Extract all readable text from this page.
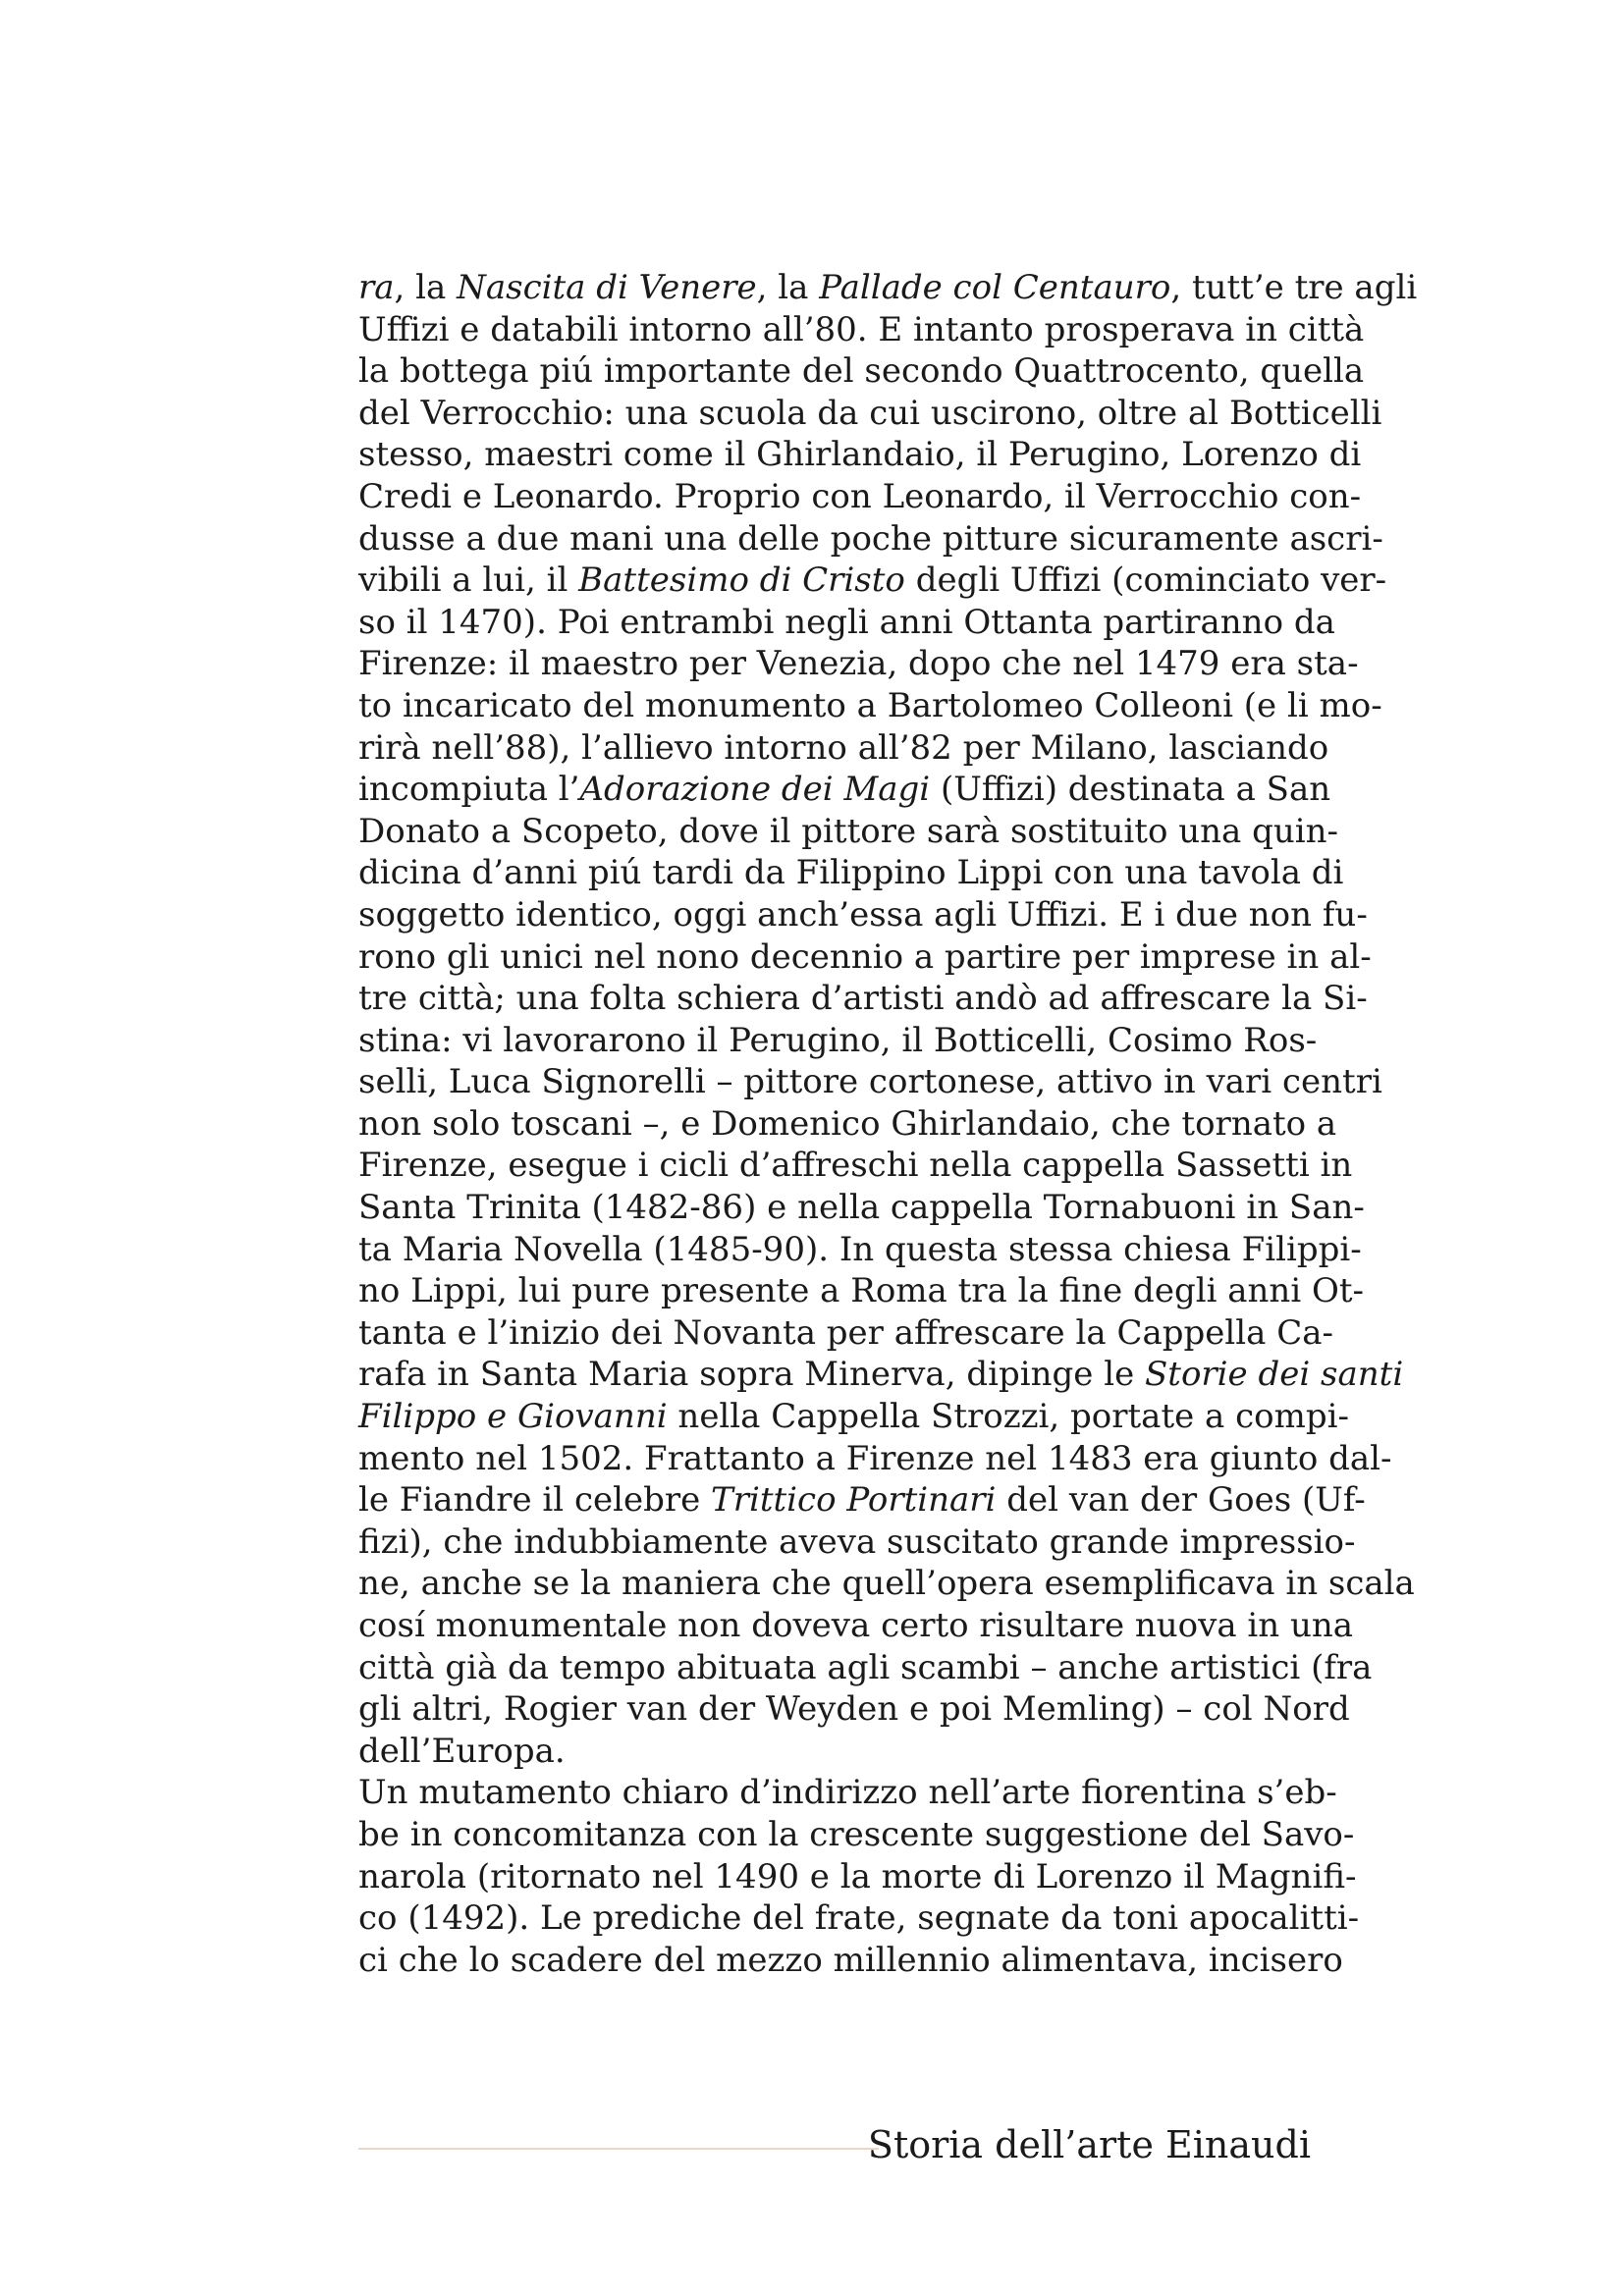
ra, la Nascita di Venere, la Pallade col Centauro, tutt’e tre agli
Uffizi e databili intorno all’80. E intanto prosperava in città
la bottega piú importante del secondo Quattrocento, quella
del Verrocchio: una scuola da cui uscirono, oltre al Botticelli
stesso, maestri come il Ghirlandaio, il Perugino, Lorenzo di
Credi e Leonardo. Proprio con Leonardo, il Verrocchio con-
dusse a due mani una delle poche pitture sicuramente ascri-
vibili a lui, il Battesimo di Cristo degli Uffizi (cominciato ver-
so il 1470). Poi entrambi negli anni Ottanta partiranno da
Firenze: il maestro per Venezia, dopo che nel 1479 era sta-
to incaricato del monumento a Bartolomeo Colleoni (e li mo-
rirà nell’88), l’allievo intorno all’82 per Milano, lasciando
incompiuta l’Adorazione dei Magi (Uffizi) destinata a San
Donato a Scopeto, dove il pittore sarà sostituito una quin-
dicina d’anni piú tardi da Filippino Lippi con una tavola di
soggetto identico, oggi anch’essa agli Uffizi. E i due non fu-
rono gli unici nel nono decennio a partire per imprese in al-
tre città; una folta schiera d’artisti andò ad affrescare la Si-
stina: vi lavorarono il Perugino, il Botticelli, Cosimo Ros-
selli, Luca Signorelli – pittore cortonese, attivo in vari centri
non solo toscani –, e Domenico Ghirlandaio, che tornato a
Firenze, esegue i cicli d’affreschi nella cappella Sassetti in
Santa Trinita (1482-86) e nella cappella Tornabuoni in San-
ta Maria Novella (1485-90). In questa stessa chiesa Filippi-
no Lippi, lui pure presente a Roma tra la fine degli anni Ot-
tanta e l’inizio dei Novanta per affrescare la Cappella Ca-
rafa in Santa Maria sopra Minerva, dipinge le Storie dei santi
Filippo e Giovanni nella Cappella Strozzi, portate a compi-
mento nel 1502. Frattanto a Firenze nel 1483 era giunto dal-
le Fiandre il celebre Trittico Portinari del van der Goes (Uf-
fizi), che indubbiamente aveva suscitato grande impressio-
ne, anche se la maniera che quell’opera esemplificava in scala
cosí monumentale non doveva certo risultare nuova in una
città già da tempo abituata agli scambi – anche artistici (fra
gli altri, Rogier van der Weyden e poi Memling) – col Nord
dell’Europa.
Un mutamento chiaro d’indirizzo nell’arte fiorentina s’eb-
be in concomitanza con la crescente suggestione del Savo-
narola (ritornato nel 1490 e la morte di Lorenzo il Magnifi-
co (1492). Le prediche del frate, segnate da toni apocalitti-
ci che lo scadere del mezzo millennio alimentava, incisero
Storia dell’arte Einaudi
